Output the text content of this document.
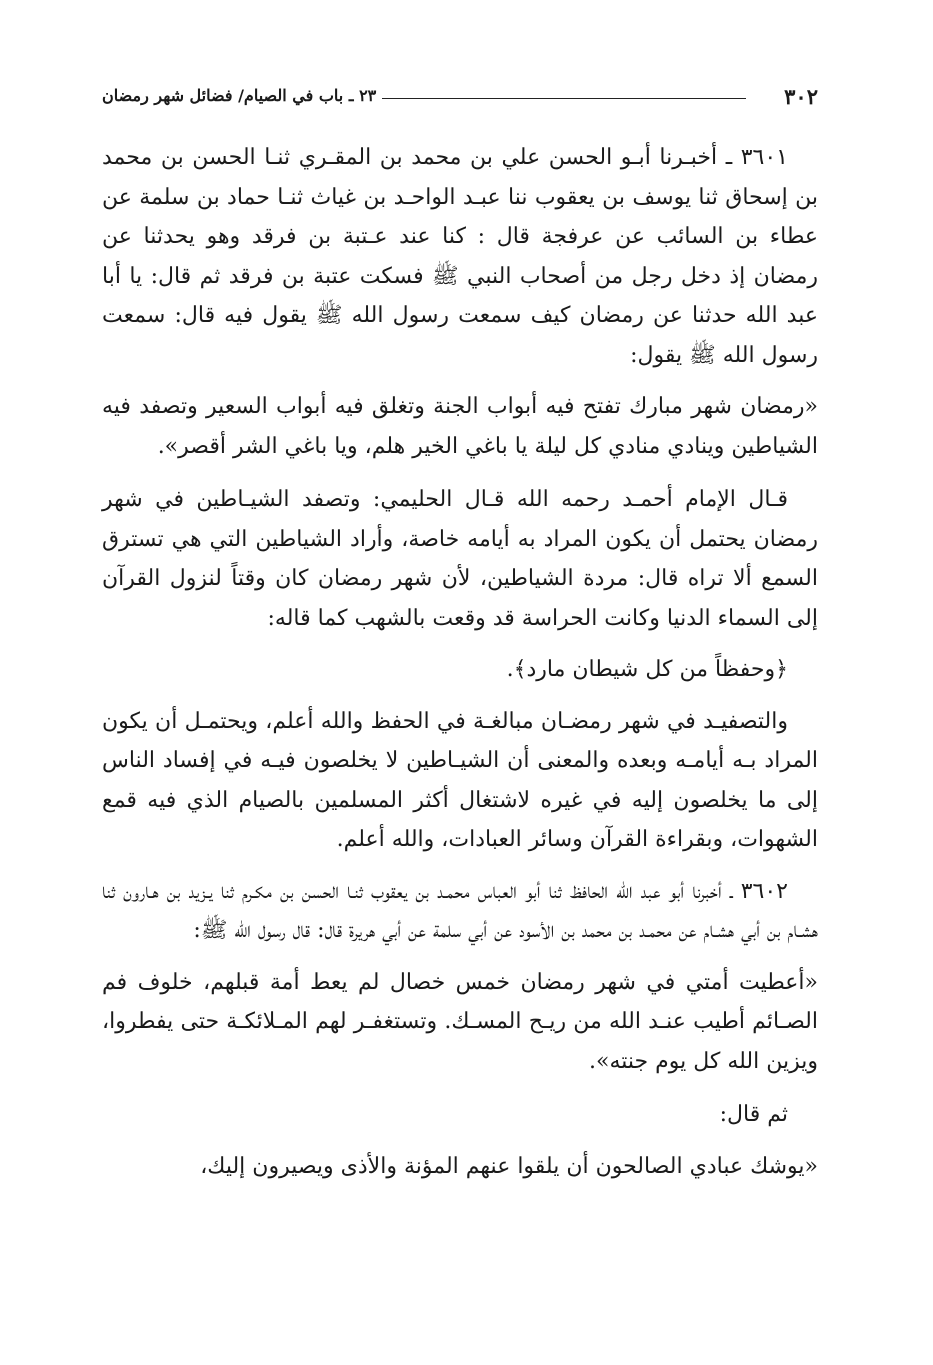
٣٠٢
٢٣ ـ باب في الصيام/ فضائل شهر رمضان

٣٦٠١ ـ أخبـرنا أبـو الحسن علي بن محمد بن المقـري ثنـا الحسن بن محمد بن إسحاق ثنا يوسف بن يعقوب ننا عبـد الواحـد بن غياث ثنـا حماد بن سلمة عن عطاء بن السائب عن عرفجة قال : كنا عند عـتبة بن فرقد وهو يحدثنا عن رمضان إذ دخل رجل من أصحاب النبي ﷺ فسكت عتبة بن فرقد ثم قال: يا أبا عبد الله حدثنا عن رمضان كيف سمعت رسول الله ﷺ يقول فيه قال: سمعت رسول الله ﷺ يقول:

«رمضان شهر مبارك تفتح فيه أبواب الجنة وتغلق فيه أبواب السعير وتصفد فيه الشياطين وينادي منادي كل ليلة يا باغي الخير هلم، ويا باغي الشر أقصر».

قـال الإمام أحمـد رحمه الله قـال الحليمي: وتصفد الشيـاطين في شهر رمضان يحتمل أن يكون المراد به أيامه خاصة، وأراد الشياطين التي هي تسترق السمع ألا تراه قال: مردة الشياطين، لأن شهر رمضان كان وقتاً لنزول القرآن إلى السماء الدنيا وكانت الحراسة قد وقعت بالشهب كما قاله:

﴿وحفظاً من كل شيطان مارد﴾.

والتصفيـد في شهر رمضـان مبالغـة في الحفظ والله أعلم، ويحتمـل أن يكون المراد بـه أيامـه وبعده والمعنى أن الشيـاطين لا يخلصون فيـه في إفساد الناس إلى ما يخلصون إليه في غيره لاشتغال أكثر المسلمين بالصيام الذي فيه قمع الشهوات، وبقراءة القرآن وسائر العبادات، والله أعلم.

٣٦٠٢ ـ أخبرنا أبو عبد الله الحافظ ثنا أبو العباس محمـد بن يعقوب ثنـا الحسن بن مكـرم ثنا يـزيد بن هـارون ثنا هشـام بن أبي هشـام عن محمـد بن محمد بن الأسود عن أبي سلمة عن أبي هريرة قال: قال رسول الله ﷺ:

«أعطيت أمتي في شهر رمضان خمس خصال لم يعط أمة قبلهم، خلوف فم الصـائم أطيب عنـد الله من ريـح المسـك. وتستغفـر لهم المـلائكـة حتى يفطروا، ويزين الله كل يوم جنته».

ثم قال:

«يوشك عبادي الصالحون أن يلقوا عنهم المؤنة والأذى ويصيرون إليك،
